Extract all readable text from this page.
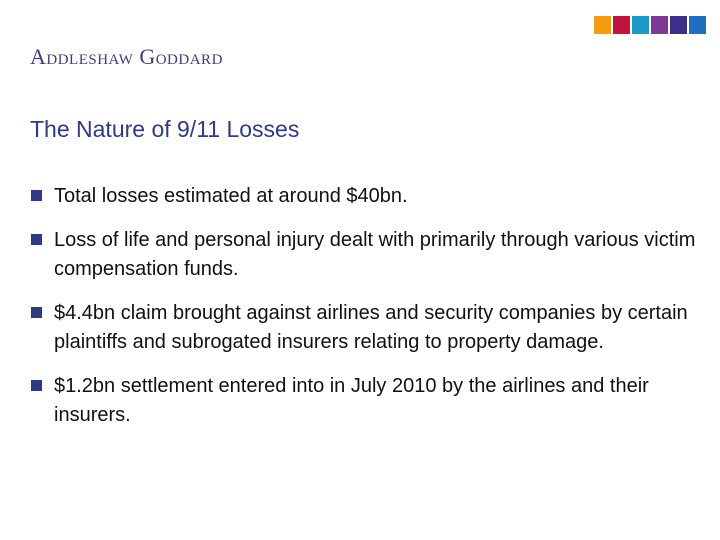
Addleshaw Goddard
The Nature of 9/11 Losses
Total losses estimated at around $40bn.
Loss of life and personal injury dealt with primarily through various victim compensation funds.
$4.4bn claim brought against airlines and security companies by certain plaintiffs and subrogated insurers relating to property damage.
$1.2bn settlement entered into in July 2010 by the airlines and their insurers.
